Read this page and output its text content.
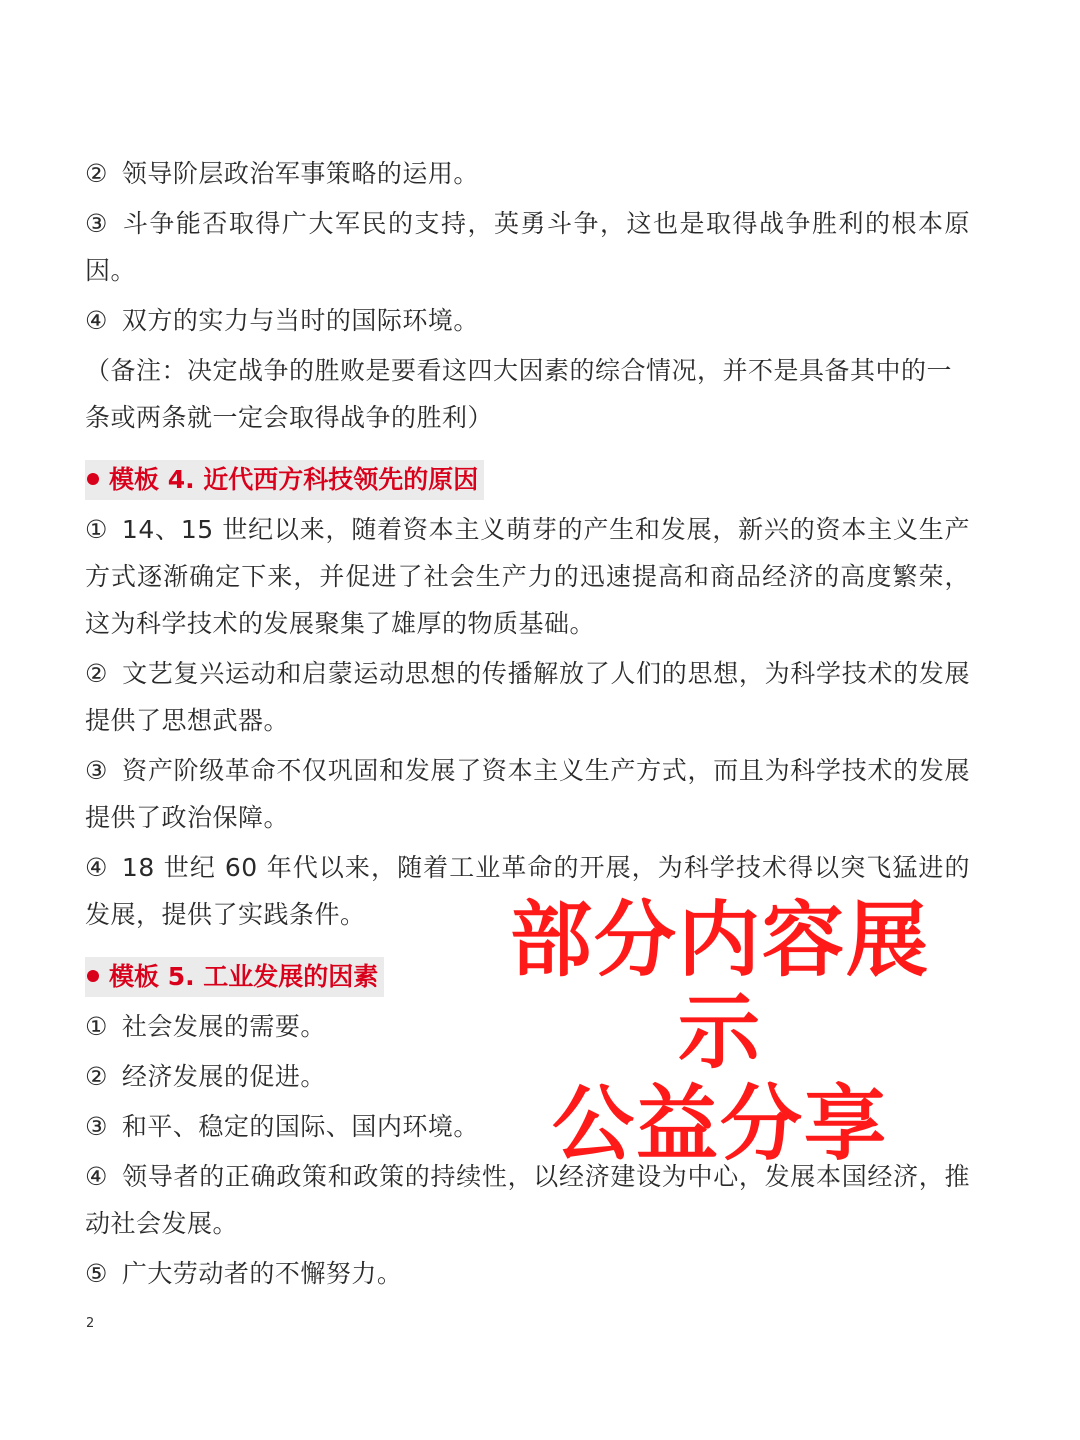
② 领导阶层政治军事策略的运用。

③ 斗争能否取得广大军民的支持，英勇斗争，这也是取得战争胜利的根本原因。

④ 双方的实力与当时的国际环境。

（备注：决定战争的胜败是要看这四大因素的综合情况，并不是具备其中的一条或两条就一定会取得战争的胜利）

模板 4. 近代西方科技领先的原因

① 14、15 世纪以来，随着资本主义萌芽的产生和发展，新兴的资本主义生产方式逐渐确定下来，并促进了社会生产力的迅速提高和商品经济的高度繁荣，这为科学技术的发展聚集了雄厚的物质基础。

② 文艺复兴运动和启蒙运动思想的传播解放了人们的思想，为科学技术的发展提供了思想武器。

③ 资产阶级革命不仅巩固和发展了资本主义生产方式，而且为科学技术的发展提供了政治保障。

④ 18 世纪 60 年代以来，随着工业革命的开展，为科学技术得以突飞猛进的发展，提供了实践条件。

模板 5. 工业发展的因素

① 社会发展的需要。

② 经济发展的促进。

③ 和平、稳定的国际、国内环境。

④ 领导者的正确政策和政策的持续性，以经济建设为中心，发展本国经济，推动社会发展。

⑤ 广大劳动者的不懈努力。

部分内容展示
公益分享
2
